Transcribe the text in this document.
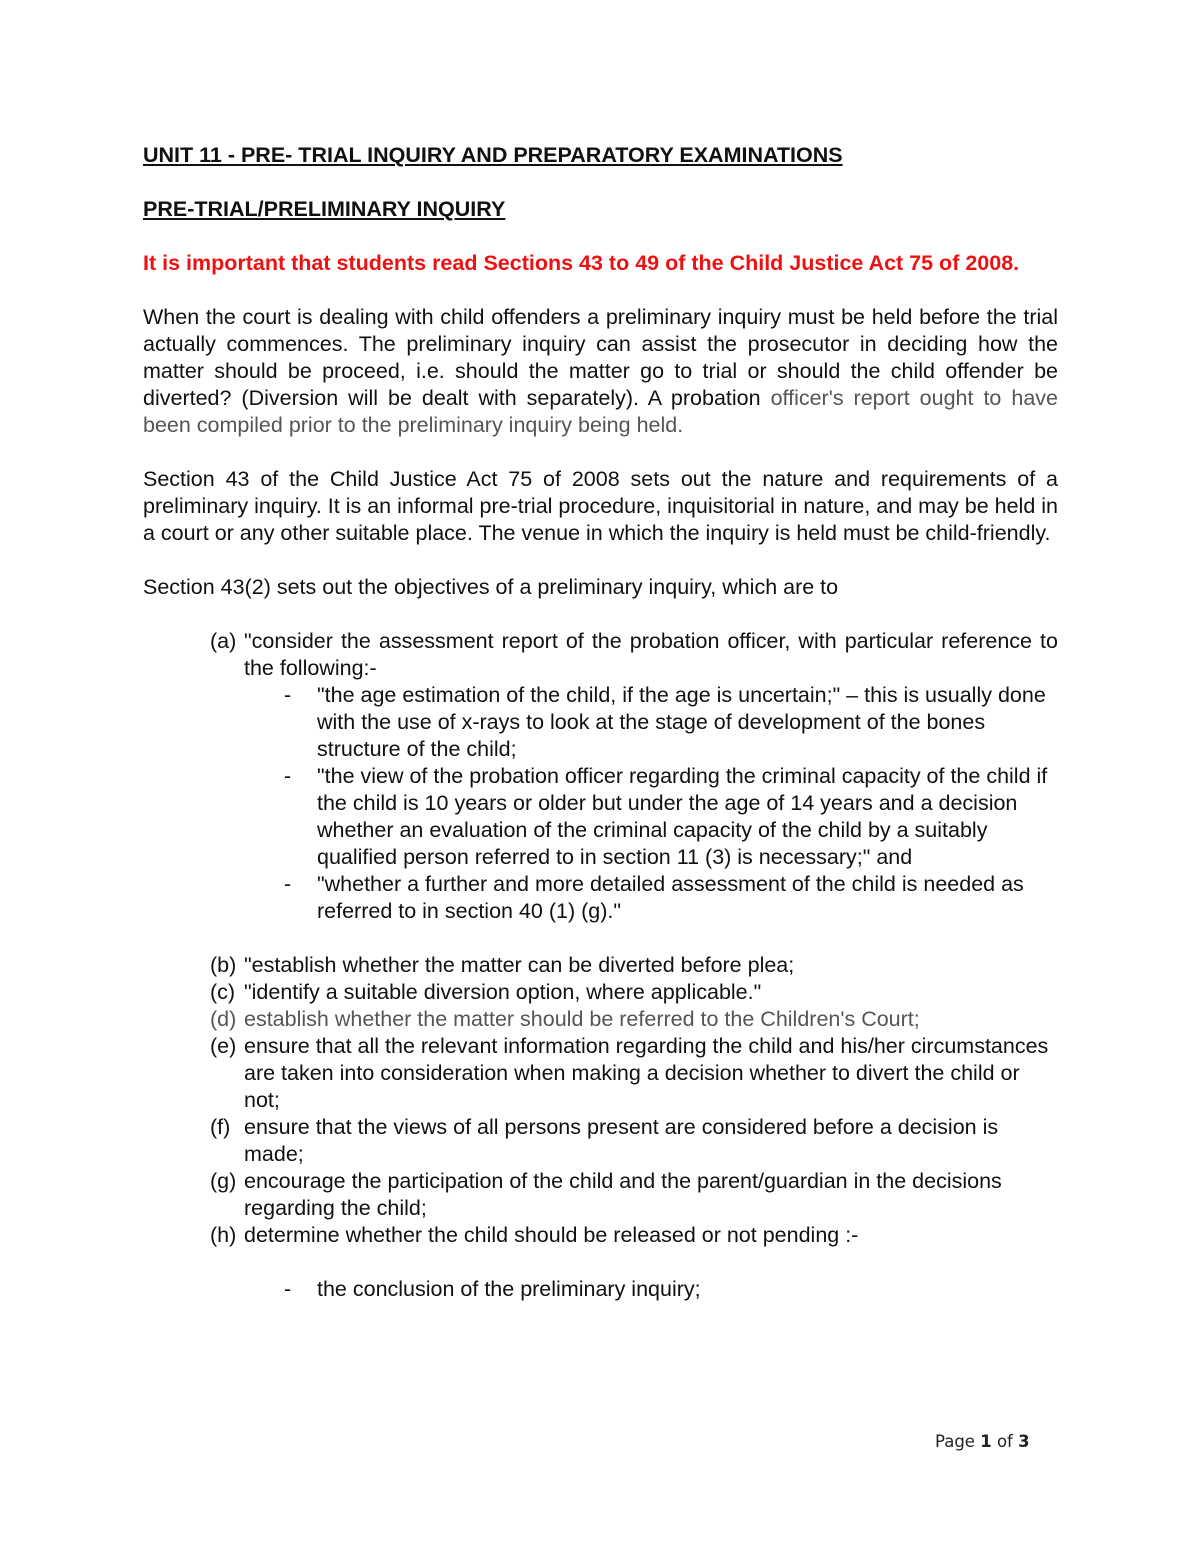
UNIT 11 - PRE- TRIAL INQUIRY AND PREPARATORY EXAMINATIONS
PRE-TRIAL/PRELIMINARY INQUIRY
It is important that students read Sections 43 to 49 of the Child Justice Act 75 of 2008.
When the court is dealing with child offenders a preliminary inquiry must be held before the trial actually commences. The preliminary inquiry can assist the prosecutor in deciding how the matter should be proceed, i.e. should the matter go to trial or should the child offender be diverted? (Diversion will be dealt with separately). A probation officer's report ought to have been compiled prior to the preliminary inquiry being held.
Section 43 of the Child Justice Act 75 of 2008 sets out the nature and requirements of a preliminary inquiry. It is an informal pre-trial procedure, inquisitorial in nature, and may be held in a court or any other suitable place. The venue in which the inquiry is held must be child-friendly.
Section 43(2) sets out the objectives of a preliminary inquiry, which are to
(a) "consider the assessment report of the probation officer, with particular reference to the following:-
- "the age estimation of the child, if the age is uncertain;" – this is usually done with the use of x-rays to look at the stage of development of the bones structure of the child;
- "the view of the probation officer regarding the criminal capacity of the child if the child is 10 years or older but under the age of 14 years and a decision whether an evaluation of the criminal capacity of the child by a suitably qualified person referred to in section 11 (3) is necessary;" and
- "whether a further and more detailed assessment of the child is needed as referred to in section 40 (1) (g)."
(b) "establish whether the matter can be diverted before plea;
(c) "identify a suitable diversion option, where applicable."
(d) establish whether the matter should be referred to the Children's Court;
(e) ensure that all the relevant information regarding the child and his/her circumstances are taken into consideration when making a decision whether to divert the child or not;
(f) ensure that the views of all persons present are considered before a decision is made;
(g) encourage the participation of the child and the parent/guardian in the decisions regarding the child;
(h) determine whether the child should be released or not pending :-
- the conclusion of the preliminary inquiry;
Page 1 of 3
